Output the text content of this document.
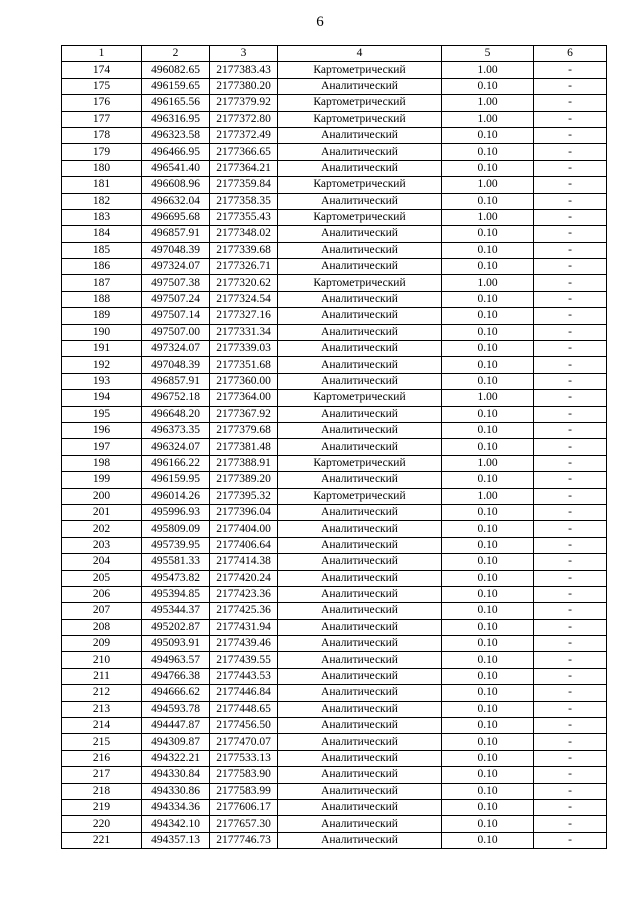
6
1	2	3	4	5	6
174	496082.65	2177383.43	Картометрический	1.00	-
175	496159.65	2177380.20	Аналитический	0.10	-
176	496165.56	2177379.92	Картометрический	1.00	-
177	496316.95	2177372.80	Картометрический	1.00	-
178	496323.58	2177372.49	Аналитический	0.10	-
179	496466.95	2177366.65	Аналитический	0.10	-
180	496541.40	2177364.21	Аналитический	0.10	-
181	496608.96	2177359.84	Картометрический	1.00	-
182	496632.04	2177358.35	Аналитический	0.10	-
183	496695.68	2177355.43	Картометрический	1.00	-
184	496857.91	2177348.02	Аналитический	0.10	-
185	497048.39	2177339.68	Аналитический	0.10	-
186	497324.07	2177326.71	Аналитический	0.10	-
187	497507.38	2177320.62	Картометрический	1.00	-
188	497507.24	2177324.54	Аналитический	0.10	-
189	497507.14	2177327.16	Аналитический	0.10	-
190	497507.00	2177331.34	Аналитический	0.10	-
191	497324.07	2177339.03	Аналитический	0.10	-
192	497048.39	2177351.68	Аналитический	0.10	-
193	496857.91	2177360.00	Аналитический	0.10	-
194	496752.18	2177364.00	Картометрический	1.00	-
195	496648.20	2177367.92	Аналитический	0.10	-
196	496373.35	2177379.68	Аналитический	0.10	-
197	496324.07	2177381.48	Аналитический	0.10	-
198	496166.22	2177388.91	Картометрический	1.00	-
199	496159.95	2177389.20	Аналитический	0.10	-
200	496014.26	2177395.32	Картометрический	1.00	-
201	495996.93	2177396.04	Аналитический	0.10	-
202	495809.09	2177404.00	Аналитический	0.10	-
203	495739.95	2177406.64	Аналитический	0.10	-
204	495581.33	2177414.38	Аналитический	0.10	-
205	495473.82	2177420.24	Аналитический	0.10	-
206	495394.85	2177423.36	Аналитический	0.10	-
207	495344.37	2177425.36	Аналитический	0.10	-
208	495202.87	2177431.94	Аналитический	0.10	-
209	495093.91	2177439.46	Аналитический	0.10	-
210	494963.57	2177439.55	Аналитический	0.10	-
211	494766.38	2177443.53	Аналитический	0.10	-
212	494666.62	2177446.84	Аналитический	0.10	-
213	494593.78	2177448.65	Аналитический	0.10	-
214	494447.87	2177456.50	Аналитический	0.10	-
215	494309.87	2177470.07	Аналитический	0.10	-
216	494322.21	2177533.13	Аналитический	0.10	-
217	494330.84	2177583.90	Аналитический	0.10	-
218	494330.86	2177583.99	Аналитический	0.10	-
219	494334.36	2177606.17	Аналитический	0.10	-
220	494342.10	2177657.30	Аналитический	0.10	-
221	494357.13	2177746.73	Аналитический	0.10	-
